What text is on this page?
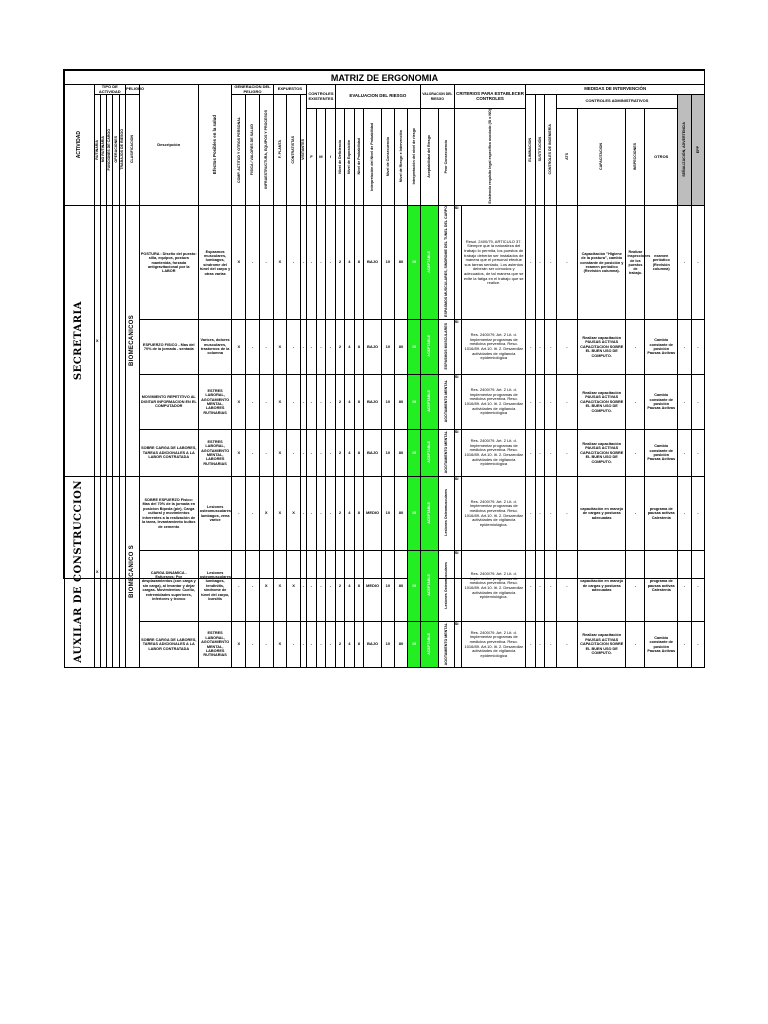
MATRIZ DE ERGONOMIA																																					
ACTIVIDAD	TIPO DE ACTIVIDAD					PELIGRO	Descripción	Efectos Posibles en la salud	GENERACIÓN DEL PELIGRO			EXPUESTOS			CONTROLES EXISTENTES			EVALUACION DEL RIESGO							VALORACION DEL RIESGO		CRITERIOS PARA ESTABLECER CONTROLES		MEDIDAS DE INTERVENCIÓN								
	RUTINARIA	NO RUTINARIA	FUNCIONES DE CARGO	OPERACIONES	TRABAJOS DE RIESGO	CLASIFICACION			COMP. ACTITUD Y OTROS PERSONAL	FISICA / VALORES DE SALUD	INFRAESTRUCTURA, EQUIPOS Y PROCESOS	F. PLANTA	CONTRATISTAS	VISITANTES															ELIMINACION	SUSTITUCIÓN	CONTROLES DE INGENIERÍA	CONTROLES ADMINISTRATIVOS				SEÑALIZACIÓN, ADVERTENCIA	EPP
															F	M	I	Nivel de Deficiencia	Nivel de Exposición	Nivel de Probabilidad	Interpretación del Nivel de Probabilidad	Nivel de Consecuencia	Nivel de Riesgo e Intervención	Interpretación del nivel de riesgo	Aceptabilidad del Riesgo	Peor Consecuencia	Existencia requisito legal especifico asociado (Si o NO)					ATS	CAPACITACION	INSPECCIONES	OTROS		
SECRETARIA	X					BIOMECANICOS	POSTURA : Diseño del puesto: silla, equipos, postura mantenida, forzada antigravitacional por la LABOR	Espasmos musculares, lumbagos, síndrome del túnel del carpo y otras varias	X	-	-	X	-	-	-	-	-	2	4	8	BAJO	10	80	III	ACEPTABLE	ESPASMOS MUSCULARES, SINDROME DEL TUNEL DEL CARPO	SI	Resol. 2400/79. ARTICULO 37. Siempre que la naturaleza del trabajo lo permita, los puestos de trabajo deberán ser instalados de manera que el personal efectúe sus tareas sentado. Los asientos deberán ser cómodos y adecuados, de tal manera que se evite la fatiga en el trabajo que se realice.	-	-	-	-	Capacitación "Higiene de la postura", cambio constante de posición y examen periódico (Revisión columna).	Realizar inspecciones de los puestos de trabajo.	examen periódico (Revisión columna)	-	-
							ESFUERZO FISICO - Mas del 70% de la jornada - sentada	Varices, dolores musculares, trastornos de la columna	X	-	-	X	-	-	-	-	-	2	4	8	BAJO	10	80	III	ACEPTABLE	ESPASMOS MUSCULARES	SI	Res. 2400/79. Art. 2 Lit. d. Implementar programas de medicina preventiva. Reso. 1016/89. Art.10. lit. 2. Desarrollar actividades de vigilancia epidemiológica	-	-	-	-	Realizar capacitación PAUSAS ACTIVAS CAPACITACION SOBRE EL BUEN USO DE COMPUTO.	-	Cambio constante de posición Pausas Activas	-	-
							MOVIMIENTO REPETITIVO AL DIGITAR INFORMACION EN EL COMPUTADOR	ESTRES LABORAL, AGOTAMIENTO MENTAL, LABORES RUTINARIAS	X	-	-	X	-	-	-	-	-	2	4	8	BAJO	10	80	III	ACEPTABLE	AGOTAMIENTO MENTAL	SI	Res. 2400/79. Art. 2 Lit. d. Implementar programas de medicina preventiva. Reso. 1016/89. Art.10. lit. 2. Desarrollar actividades de vigilancia epidemiológica	-	-	-	-	Realizar capacitación PAUSAS ACTIVAS CAPACITACION SOBRE EL BUEN USO DE COMPUTO.	-	Cambio constante de posición Pausas Activas	-	-
							SOBRE CARGA DE LABORES, TAREAS ADICIONALES A LA LABOR CONTRATADA	ESTRES LABORAL, AGOTAMIENTO MENTAL, LABORES RUTINARIAS	X	-	-	X	-	-	-	-	-	2	4	8	BAJO	10	80	III	ACEPTABLE	AGOTAMIENTO MENTAL	SI	Res. 2400/79. Art. 2 Lit. d. Implementar programas de medicina preventiva. Reso. 1016/89. Art.10. lit. 2. Desarrollar actividades de vigilancia epidemiológica	-	-	-	-	Realizar capacitación PAUSAS ACTIVAS CAPACITACION SOBRE EL BUEN USO DE COMPUTO.	-	Cambio constante de posición Pausas Activas	-	-
AUXILAR DE CONSTRUCCION	X					BIOMECANICO S	SOBRE ESFUERZO Fisico: Mas del 70% de la jornada en posicion Bípeda (pie), Carga cultural y movimientos inherentes a la realización de la tarea, levantamiento bultos de cemento	Lesiones osteomusculares, lumbagos, vena varice	-	-	X	X	X	-	-	-	-	2	4	8	MEDIO	10	80	III	ACEPTABLE	Lesiones Osteomusculares	SI	Res. 2400/79. Art. 2 Lit. d. Implementar programas de medicina preventiva. Reso. 1016/89. Art.10. lit. 2. Desarrollar actividades de vigilancia epidemiológica.	-	-	-	-	capacitación en manejo de cargas y posturas adecuadas	-	programa de pausas activas Calestenia	-	-
							CARGA DINAMICA - Esfuerzos: Por desplazamientos (con carga y sin carga), al levantar y dejar cargas. Movimientos: Cuello, extremidades superiores, inferiores y tronco	Lesiones osteomusculares, lumbagos, tendinitis, síndrome de túnel del carpo, bursitis	-	-	X	X	X	-	-	-	-	2	4	8	MEDIO	10	80	III	ACEPTABLE	Lesiones Osteomusculares	SI	Res. 2400/79. Art. 2 Lit. d. Implementar programas de medicina preventiva. Reso. 1016/89. Art.10. lit. 2. Desarrollar actividades de vigilancia epidemiológica.	-	-	-	-	capacitación en manejo de cargas y posturas adecuadas	-	programa de pausas activas Calestenia	-	-
							SOBRE CARGA DE LABORES, TAREAS ADICIONALES A LA LABOR CONTRATADA	ESTRES LABORAL, AGOTAMIENTO MENTAL, LABORES RUTINARIAS	X	-	-	X	-	-	-	-	-	2	4	8	BAJO	10	80	III	ACEPTABLE	AGOTAMIENTO MENTAL	SI	Res. 2400/79. Art. 2 Lit. d. Implementar programas de medicina preventiva. Reso. 1016/89. Art.10. lit. 2. Desarrollar actividades de vigilancia epidemiológica	-	-	-	-	Realizar capacitación PAUSAS ACTIVAS CAPACITACION SOBRE EL BUEN USO DE COMPUTO.	-	Cambio constante de posición Pausas Activas	-	-
